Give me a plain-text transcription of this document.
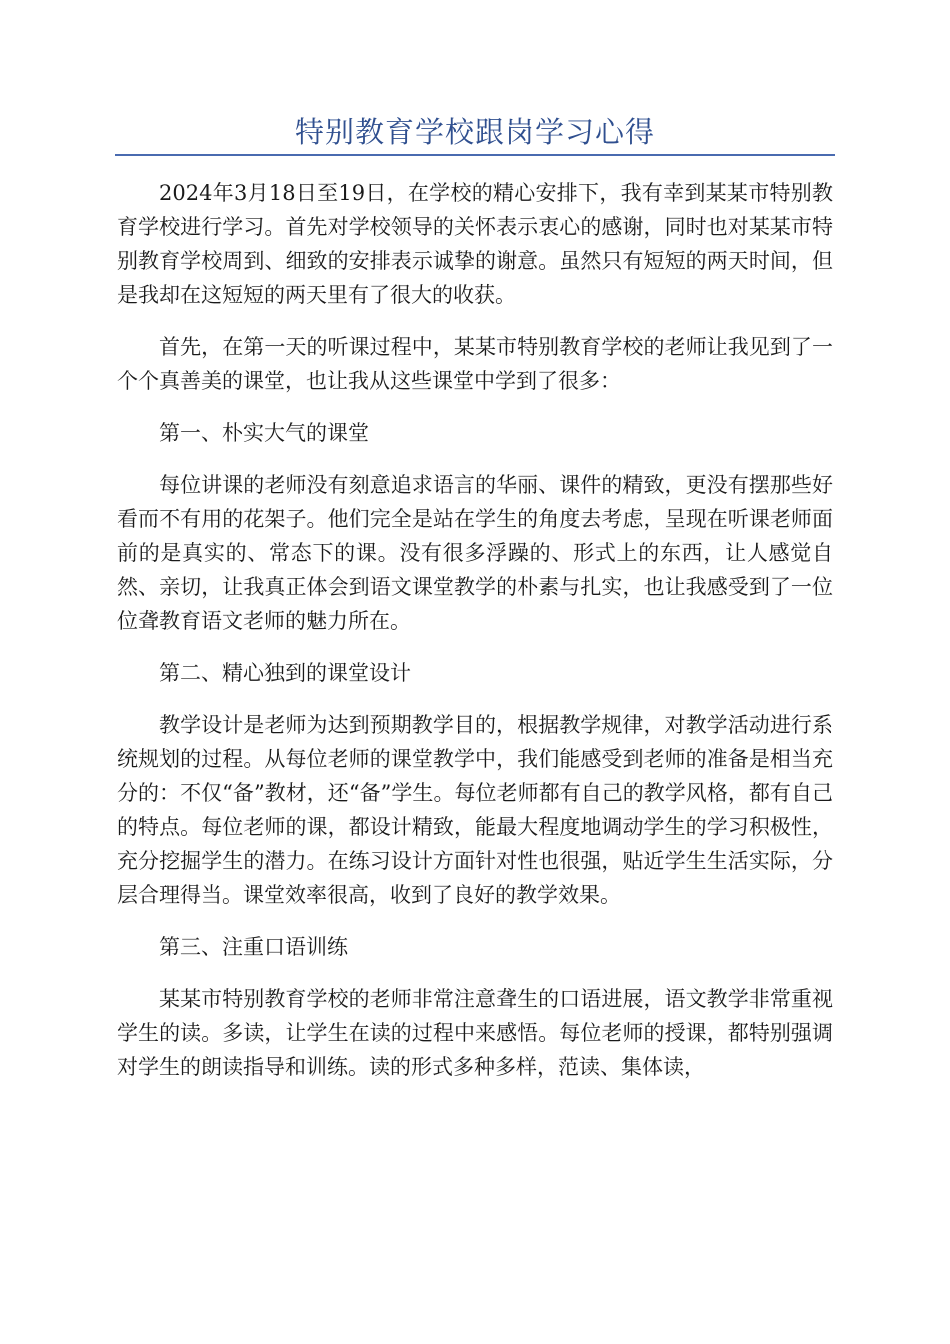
特别教育学校跟岗学习心得

2024年3月18日至19日，在学校的精心安排下，我有幸到某某市特别教育学校进行学习。首先对学校领导的关怀表示衷心的感谢，同时也对某某市特别教育学校周到、细致的安排表示诚挚的谢意。虽然只有短短的两天时间，但是我却在这短短的两天里有了很大的收获。

首先，在第一天的听课过程中，某某市特别教育学校的老师让我见到了一个个真善美的课堂，也让我从这些课堂中学到了很多：

第一、朴实大气的课堂

每位讲课的老师没有刻意追求语言的华丽、课件的精致，更没有摆那些好看而不有用的花架子。他们完全是站在学生的角度去考虑，呈现在听课老师面前的是真实的、常态下的课。没有很多浮躁的、形式上的东西，让人感觉自然、亲切，让我真正体会到语文课堂教学的朴素与扎实，也让我感受到了一位位聋教育语文老师的魅力所在。

第二、精心独到的课堂设计

教学设计是老师为达到预期教学目的，根据教学规律，对教学活动进行系统规划的过程。从每位老师的课堂教学中，我们能感受到老师的准备是相当充分的：不仅“备”教材，还“备”学生。每位老师都有自己的教学风格，都有自己的特点。每位老师的课，都设计精致，能最大程度地调动学生的学习积极性，充分挖掘学生的潜力。在练习设计方面针对性也很强，贴近学生生活实际，分层合理得当。课堂效率很高，收到了良好的教学效果。

第三、注重口语训练

某某市特别教育学校的老师非常注意聋生的口语进展，语文教学非常重视学生的读。多读，让学生在读的过程中来感悟。每位老师的授课，都特别强调对学生的朗读指导和训练。读的形式多种多样，范读、集体读，
